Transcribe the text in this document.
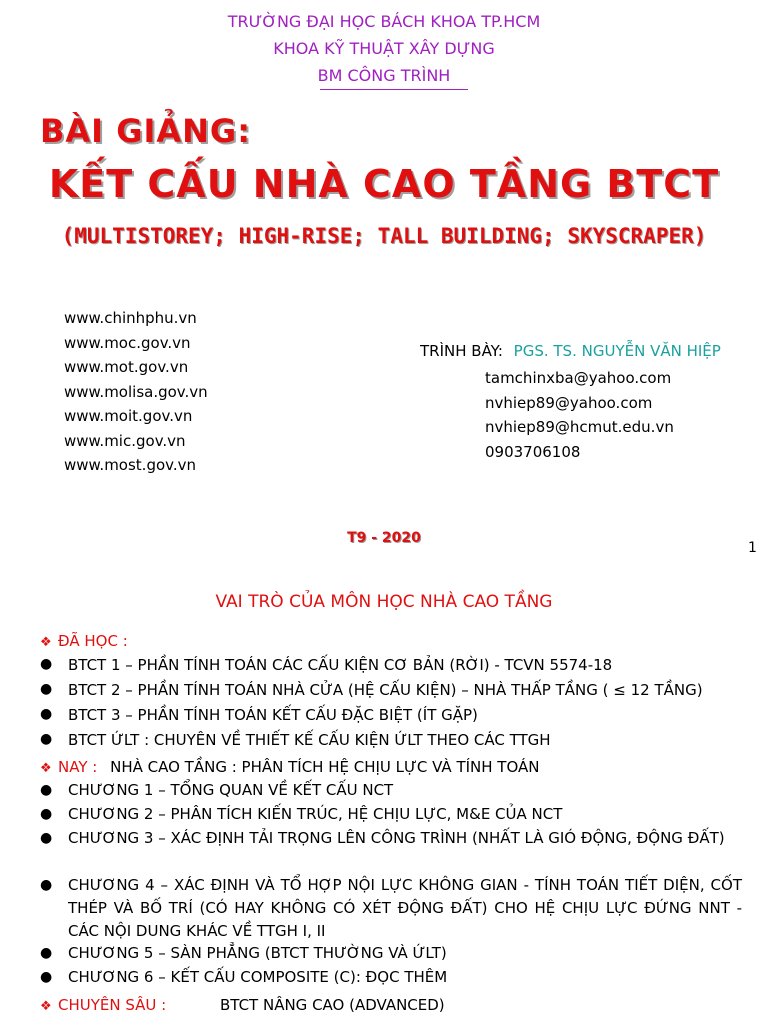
TRƯỜNG ĐẠI HỌC BÁCH KHOA TP.HCM
KHOA KỸ THUẬT XÂY DỰNG
BM CÔNG TRÌNH
BÀI GIẢNG:
KẾT CẤU NHÀ CAO TẦNG BTCT
(MULTISTOREY; HIGH-RISE; TALL BUILDING; SKYSCRAPER)
www.chinhphu.vn
www.moc.gov.vn
www.mot.gov.vn
www.molisa.gov.vn
www.moit.gov.vn
www.mic.gov.vn
www.most.gov.vn
TRÌNH BÀY: PGS. TS. NGUYỄN VĂN HIỆP
tamchinxba@yahoo.com
nvhiep89@yahoo.com
nvhiep89@hcmut.edu.vn
0903706108
T9 - 2020
1
VAI TRÒ CỦA MÔN HỌC NHÀ CAO TẦNG
❖ ĐÃ HỌC :
● BTCT 1 – PHẦN TÍNH TOÁN CÁC CẤU KIỆN CƠ BẢN (RỜI) - TCVN 5574-18
● BTCT 2 – PHẦN TÍNH TOÁN NHÀ CỬA (HỆ CẤU KIỆN) – NHÀ THẤP TẦNG ( ≤ 12 TẦNG)
● BTCT 3 – PHẦN TÍNH TOÁN KẾT CẤU ĐẶC BIỆT (ÍT GẶP)
● BTCT ỨLT : CHUYÊN VỀ THIẾT KẾ CẤU KIỆN ỨLT THEO CÁC TTGH
❖ NAY : NHÀ CAO TẦNG : PHÂN TÍCH HỆ CHỊU LỰC VÀ TÍNH TOÁN
● CHƯƠNG 1 – TỔNG QUAN VỀ KẾT CẤU NCT
● CHƯƠNG 2 – PHÂN TÍCH KIẾN TRÚC, HỆ CHỊU LỰC, M&E CỦA NCT
● CHƯƠNG 3 – XÁC ĐỊNH TẢI TRỌNG LÊN CÔNG TRÌNH (NHẤT LÀ GIÓ ĐỘNG, ĐỘNG ĐẤT)
● CHƯƠNG 4 – XÁC ĐỊNH VÀ TỔ HỢP NỘI LỰC KHÔNG GIAN - TÍNH TOÁN TIẾT DIỆN, CỐT THÉP VÀ BỐ TRÍ (CÓ HAY KHÔNG CÓ XÉT ĐỘNG ĐẤT) CHO HỆ CHỊU LỰC ĐỨNG NNT - CÁC NỘI DUNG KHÁC VỀ TTGH I, II
● CHƯƠNG 5 – SÀN PHẲNG (BTCT THƯỜNG VÀ ỨLT)
● CHƯƠNG 6 – KẾT CẤU COMPOSITE (C): ĐỌC THÊM
❖ CHUYÊN SÂU :	BTCT NÂNG CAO (ADVANCED)
